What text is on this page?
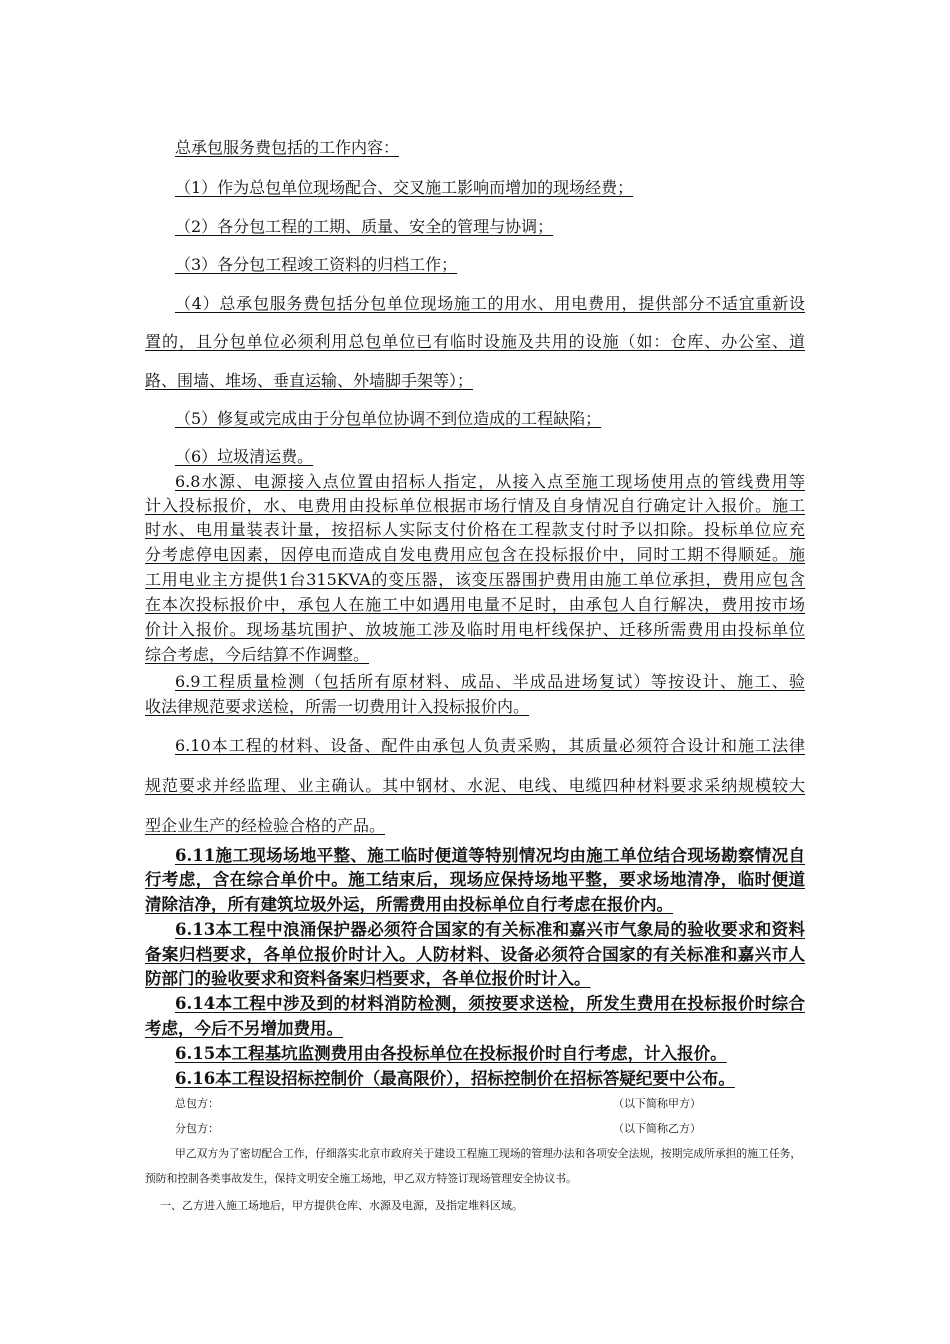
总承包服务费包括的工作内容：
（1）作为总包单位现场配合、交叉施工影响而增加的现场经费；
（2）各分包工程的工期、质量、安全的管理与协调；
（3）各分包工程竣工资料的归档工作；
（4）总承包服务费包括分包单位现场施工的用水、用电费用，提供部分不适宜重新设
置的，且分包单位必须利用总包单位已有临时设施及共用的设施（如：仓库、办公室、道
路、围墙、堆场、垂直运输、外墙脚手架等）；
（5）修复或完成由于分包单位协调不到位造成的工程缺陷；
（6）垃圾清运费。
6.8水源、电源接入点位置由招标人指定，从接入点至施工现场使用点的管线费用等
计入投标报价，水、电费用由投标单位根据市场行情及自身情况自行确定计入报价。施工
时水、电用量装表计量，按招标人实际支付价格在工程款支付时予以扣除。投标单位应充
分考虑停电因素，因停电而造成自发电费用应包含在投标报价中，同时工期不得顺延。施
工用电业主方提供1台315KVA的变压器，该变压器围护费用由施工单位承担，费用应包含
在本次投标报价中，承包人在施工中如遇用电量不足时，由承包人自行解决，费用按市场
价计入报价。现场基坑围护、放坡施工涉及临时用电杆线保护、迁移所需费用由投标单位
综合考虑，今后结算不作调整。
6.9工程质量检测（包括所有原材料、成品、半成品进场复试）等按设计、施工、验
收法律规范要求送检，所需一切费用计入投标报价内。
6.10本工程的材料、设备、配件由承包人负责采购，其质量必须符合设计和施工法律
规范要求并经监理、业主确认。其中钢材、水泥、电线、电缆四种材料要求采纳规模较大
型企业生产的经检验合格的产品。
6.11施工现场场地平整、施工临时便道等特别情况均由施工单位结合现场勘察情况自
行考虑，含在综合单价中。施工结束后，现场应保持场地平整，要求场地清净，临时便道
清除洁净，所有建筑垃圾外运，所需费用由投标单位自行考虑在报价内。
6.13本工程中浪涌保护器必须符合国家的有关标准和嘉兴市气象局的验收要求和资料
备案归档要求，各单位报价时计入。人防材料、设备必须符合国家的有关标准和嘉兴市人
防部门的验收要求和资料备案归档要求，各单位报价时计入。
6.14本工程中涉及到的材料消防检测，须按要求送检，所发生费用在投标报价时综合
考虑，今后不另增加费用。
6.15本工程基坑监测费用由各投标单位在投标报价时自行考虑，计入报价。
6.16本工程设招标控制价（最高限价），招标控制价在招标答疑纪要中公布。
总包方：	（以下简称甲方）
分包方：	（以下简称乙方）
甲乙双方为了密切配合工作，仔细落实北京市政府关于建设工程施工现场的管理办法和各项安全法规，按期完成所承担的施工任务，
预防和控制各类事故发生，保持文明安全施工场地，甲乙双方特签订现场管理安全协议书。
一、乙方进入施工场地后，甲方提供仓库、水源及电源，及指定堆料区域。
